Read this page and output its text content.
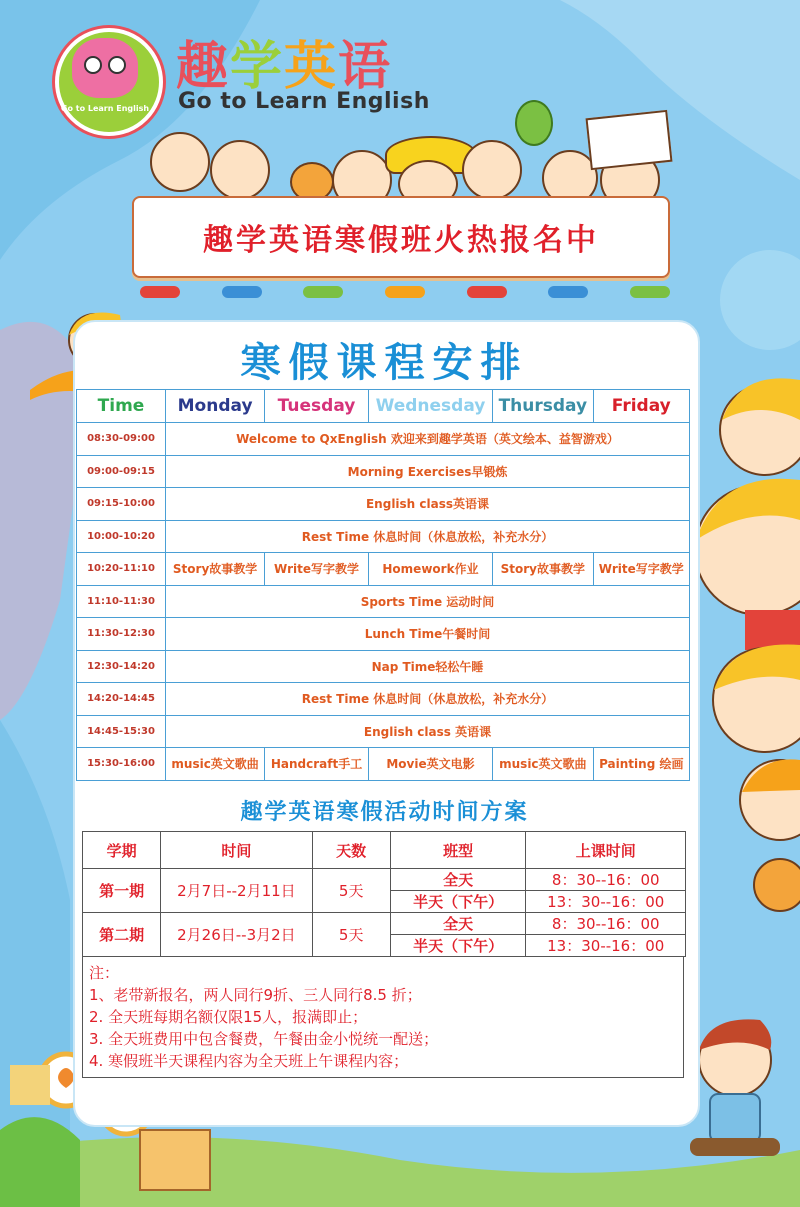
Go to Learn English
趣学英语
Go to Learn English
趣学英语寒假班火热报名中
寒假课程安排
Time	Monday	Tuesday	Wednesday	Thursday	Friday
08:30-09:00	Welcome to QxEnglish 欢迎来到趣学英语（英文绘本、益智游戏）				
09:00-09:15	Morning Exercises早锻炼				
09:15-10:00	English class英语课				
10:00-10:20	Rest Time 休息时间（休息放松，补充水分）				
10:20-11:10	Story故事教学	Write写字教学	Homework作业	Story故事教学	Write写字教学
11:10-11:30	Sports Time 运动时间				
11:30-12:30	Lunch Time午餐时间				
12:30-14:20	Nap Time轻松午睡				
14:20-14:45	Rest Time 休息时间（休息放松，补充水分）				
14:45-15:30	English class 英语课				
15:30-16:00	music英文歌曲	Handcraft手工	Movie英文电影	music英文歌曲	Painting 绘画
趣学英语寒假活动时间方案
学期	时间	天数	班型	上课时间
第一期	2月7日--2月11日	5天	全天	8：30--16：00
			半天（下午）	13：30--16：00
第二期	2月26日--3月2日	5天	全天	8：30--16：00
			半天（下午）	13：30--16：00
注：
1、老带新报名，两人同行9折、三人同行8.5 折；
2. 全天班每期名额仅限15人，报满即止；
3. 全天班费用中包含餐费，午餐由金小悦统一配送；
4. 寒假班半天课程内容为全天班上午课程内容；
